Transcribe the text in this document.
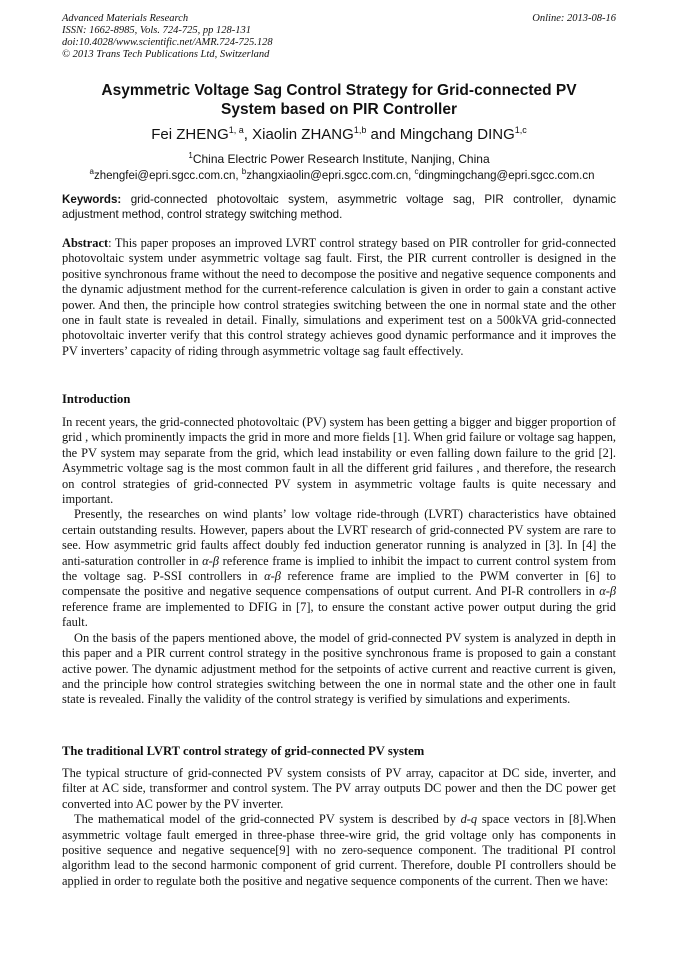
Advanced Materials Research
ISSN: 1662-8985, Vols. 724-725, pp 128-131
doi:10.4028/www.scientific.net/AMR.724-725.128
© 2013 Trans Tech Publications Ltd, Switzerland
Online: 2013-08-16
Asymmetric Voltage Sag Control Strategy for Grid-connected PV
System based on PIR Controller
Fei ZHENG$^{1, a}$, Xiaolin ZHANG$^{1,b}$ and Mingchang DING$^{1,c}$
$^1$China Electric Power Research Institute, Nanjing, China
$^a$zhengfei@epri.sgcc.com.cn, $^b$zhangxiaolin@epri.sgcc.com.cn, $^c$dingmingchang@epri.sgcc.com.cn
Keywords: grid-connected photovoltaic system, asymmetric voltage sag, PIR controller, dynamic adjustment method, control strategy switching method.
Abstract: This paper proposes an improved LVRT control strategy based on PIR controller for grid-connected photovoltaic system under asymmetric voltage sag fault. First, the PIR current controller is designed in the positive synchronous frame without the need to decompose the positive and negative sequence components and the dynamic adjustment method for the current-reference calculation is given in order to gain a constant active power. And then, the principle how control strategies switching between the one in normal state and the other one in fault state is revealed in detail. Finally, simulations and experiment test on a 500kVA grid-connected photovoltaic inverter verify that this control strategy achieves good dynamic performance and it improves the PV inverters’ capacity of riding through asymmetric voltage sag fault effectively.
Introduction

In recent years, the grid-connected photovoltaic (PV) system has been getting a bigger and bigger proportion of grid , which prominently impacts the grid in more and more fields [1]. When grid failure or voltage sag happen, the PV system may separate from the grid, which lead instability or even falling down failure to the grid [2]. Asymmetric voltage sag is the most common fault in all the different grid failures , and therefore, the research on control strategies of grid-connected PV system in asymmetric voltage faults is quite necessary and important.

Presently, the researches on wind plants’ low voltage ride-through (LVRT) characteristics have obtained certain outstanding results. However, papers about the LVRT research of grid-connected PV system are rare to see. How asymmetric grid faults affect doubly fed induction generator running is analyzed in [3]. In [4] the anti-saturation controller in α-β reference frame is implied to inhibit the impact to current control system from the voltage sag. P-SSI controllers in α-β reference frame are implied to the PWM converter in [6] to compensate the positive and negative sequence compensations of output current. And PI-R controllers in α-β reference frame are implemented to DFIG in [7], to ensure the constant active power output during the grid fault.

On the basis of the papers mentioned above, the model of grid-connected PV system is analyzed in depth in this paper and a PIR current control strategy in the positive synchronous frame is proposed to gain a constant active power. The dynamic adjustment method for the setpoints of active current and reactive current is given, and the principle how control strategies switching between the one in normal state and the other one in fault state is revealed. Finally the validity of the control strategy is verified by simulations and experiments.

The traditional LVRT control strategy of grid-connected PV system

The typical structure of grid-connected PV system consists of PV array, capacitor at DC side, inverter, and filter at AC side, transformer and control system. The PV array outputs DC power and then the DC power get converted into AC power by the PV inverter.

The mathematical model of the grid-connected PV system is described by d-q space vectors in [8].When asymmetric voltage fault emerged in three-phase three-wire grid, the grid voltage only has components in positive sequence and negative sequence[9] with no zero-sequence component. The traditional PI control algorithm lead to the second harmonic component of grid current. Therefore, double PI controllers should be applied in order to regulate both the positive and negative sequence components of the current. Then we have:
